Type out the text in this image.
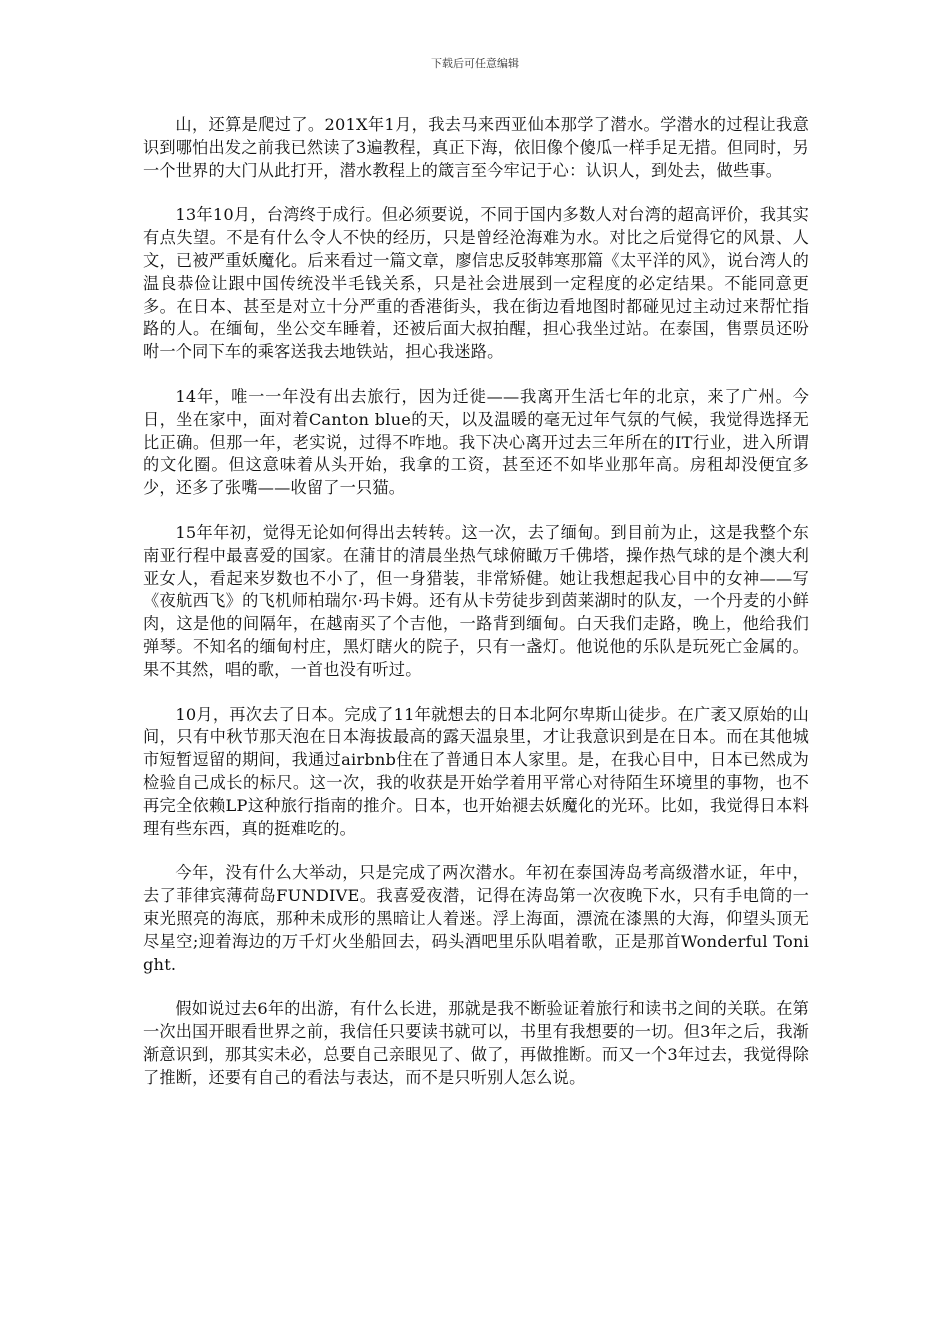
下载后可任意编辑

山，还算是爬过了。201X年1月，我去马来西亚仙本那学了潜水。学潜水的过程让我意识到哪怕出发之前我已然读了3遍教程，真正下海，依旧像个傻瓜一样手足无措。但同时，另一个世界的大门从此打开，潜水教程上的箴言至今牢记于心：认识人，到处去，做些事。

13年10月，台湾终于成行。但必须要说，不同于国内多数人对台湾的超高评价，我其实有点失望。不是有什么令人不快的经历，只是曾经沧海难为水。对比之后觉得它的风景、人文，已被严重妖魔化。后来看过一篇文章，廖信忠反驳韩寒那篇《太平洋的风》，说台湾人的温良恭俭让跟中国传统没半毛钱关系，只是社会进展到一定程度的必定结果。不能同意更多。在日本、甚至是对立十分严重的香港街头，我在街边看地图时都碰见过主动过来帮忙指路的人。在缅甸，坐公交车睡着，还被后面大叔拍醒，担心我坐过站。在泰国，售票员还吩咐一个同下车的乘客送我去地铁站，担心我迷路。

14年，唯一一年没有出去旅行，因为迁徙——我离开生活七年的北京，来了广州。今日，坐在家中，面对着Canton blue的天，以及温暖的毫无过年气氛的气候，我觉得选择无比正确。但那一年，老实说，过得不咋地。我下决心离开过去三年所在的IT行业，进入所谓的文化圈。但这意味着从头开始，我拿的工资，甚至还不如毕业那年高。房租却没便宜多少，还多了张嘴——收留了一只猫。

15年年初，觉得无论如何得出去转转。这一次，去了缅甸。到目前为止，这是我整个东南亚行程中最喜爱的国家。在蒲甘的清晨坐热气球俯瞰万千佛塔，操作热气球的是个澳大利亚女人，看起来岁数也不小了，但一身猎装，非常矫健。她让我想起我心目中的女神——写《夜航西飞》的飞机师柏瑞尔·玛卡姆。还有从卡劳徒步到茵莱湖时的队友，一个丹麦的小鲜肉，这是他的间隔年，在越南买了个吉他，一路背到缅甸。白天我们走路，晚上，他给我们弹琴。不知名的缅甸村庄，黑灯瞎火的院子，只有一盏灯。他说他的乐队是玩死亡金属的。果不其然，唱的歌，一首也没有听过。

10月，再次去了日本。完成了11年就想去的日本北阿尔卑斯山徒步。在广袤又原始的山间，只有中秋节那天泡在日本海拔最高的露天温泉里，才让我意识到是在日本。而在其他城市短暂逗留的期间，我通过airbnb住在了普通日本人家里。是，在我心目中，日本已然成为检验自己成长的标尺。这一次，我的收获是开始学着用平常心对待陌生环境里的事物，也不再完全依赖LP这种旅行指南的推介。日本，也开始褪去妖魔化的光环。比如，我觉得日本料理有些东西，真的挺难吃的。

今年，没有什么大举动，只是完成了两次潜水。年初在泰国涛岛考高级潜水证，年中，去了菲律宾薄荷岛FUNDIVE。我喜爱夜潜，记得在涛岛第一次夜晚下水，只有手电筒的一束光照亮的海底，那种未成形的黑暗让人着迷。浮上海面，漂流在漆黑的大海，仰望头顶无尽星空;迎着海边的万千灯火坐船回去，码头酒吧里乐队唱着歌，正是那首Wonderful Tonight.

假如说过去6年的出游，有什么长进，那就是我不断验证着旅行和读书之间的关联。在第一次出国开眼看世界之前，我信任只要读书就可以，书里有我想要的一切。但3年之后，我渐渐意识到，那其实未必，总要自己亲眼见了、做了，再做推断。而又一个3年过去，我觉得除了推断，还要有自己的看法与表达，而不是只听别人怎么说。
